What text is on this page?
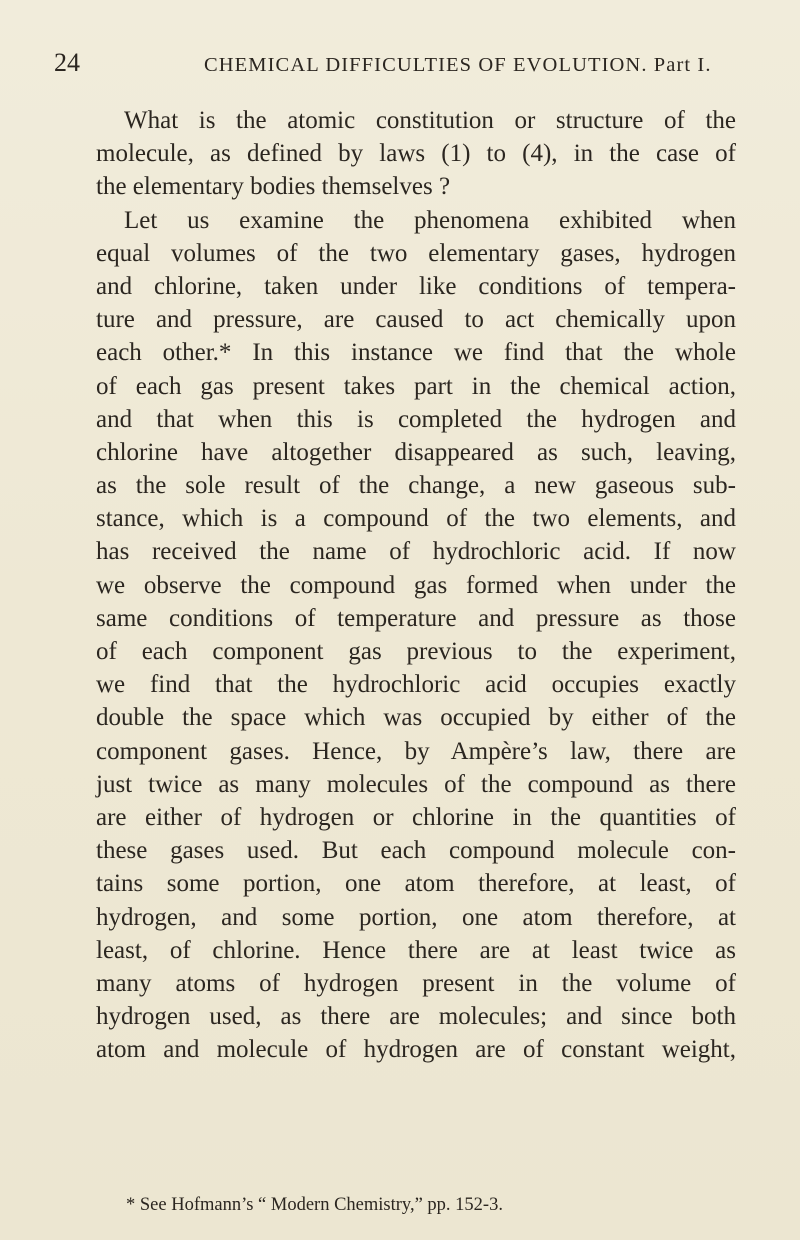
24	CHEMICAL DIFFICULTIES OF EVOLUTION. Part I.
What is the atomic constitution or structure of the
molecule, as defined by laws (1) to (4), in the case of
the elementary bodies themselves ?
Let us examine the phenomena exhibited when
equal volumes of the two elementary gases, hydrogen
and chlorine, taken under like conditions of tempera-
ture and pressure, are caused to act chemically upon
each other.* In this instance we find that the whole
of each gas present takes part in the chemical action,
and that when this is completed the hydrogen and
chlorine have altogether disappeared as such, leaving,
as the sole result of the change, a new gaseous sub-
stance, which is a compound of the two elements, and
has received the name of hydrochloric acid. If now
we observe the compound gas formed when under the
same conditions of temperature and pressure as those
of each component gas previous to the experiment,
we find that the hydrochloric acid occupies exactly
double the space which was occupied by either of the
component gases. Hence, by Ampère’s law, there are
just twice as many molecules of the compound as there
are either of hydrogen or chlorine in the quantities of
these gases used. But each compound molecule con-
tains some portion, one atom therefore, at least, of
hydrogen, and some portion, one atom therefore, at
least, of chlorine. Hence there are at least twice as
many atoms of hydrogen present in the volume of
hydrogen used, as there are molecules; and since both
atom and molecule of hydrogen are of constant weight,
* See Hofmann’s “ Modern Chemistry,” pp. 152-3.
